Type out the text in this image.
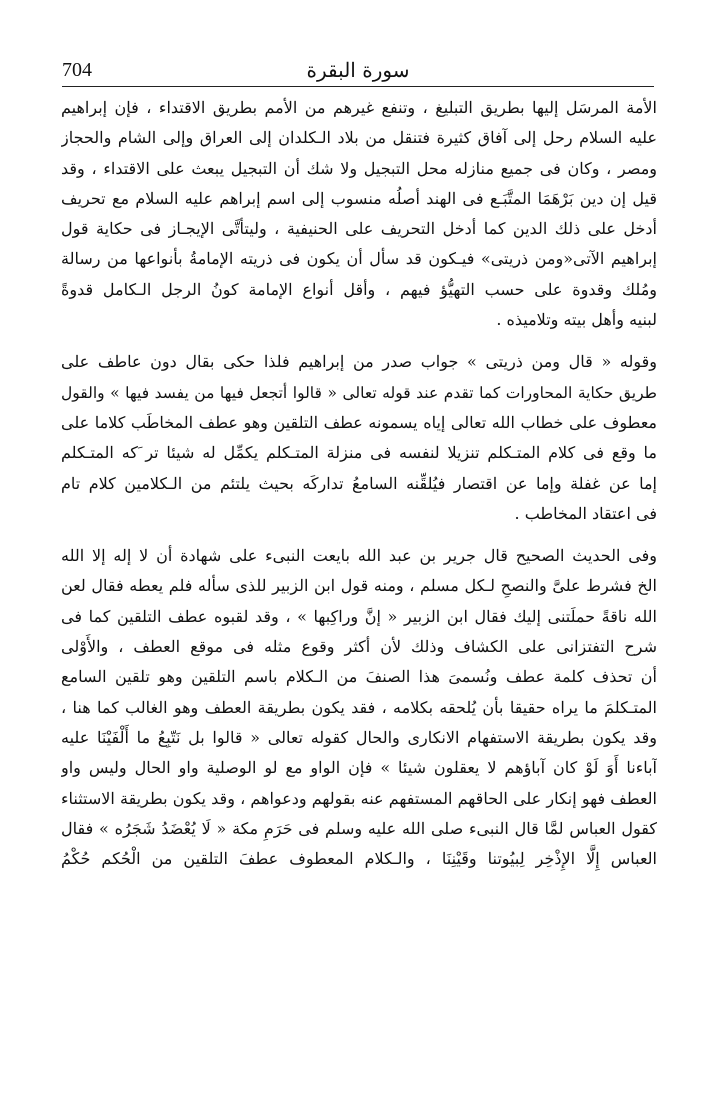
704	سورة البقرة
الأمة المرسَل إليها بطريق التبليغ ، وتنفع غيرهم من الأمم بطريق الاقتداء ، فإن إبراهيم
عليه السلام رحل إلى آفاق كثيرة فتنقل من بلاد الـكلدان إلى العراق وإلى الشام والحجاز
ومصر ، وكان فى جميع منازله محل التبجيل ولا شك أن التبجيل يبعث على الاقتداء ، وقد
قيل إن دين بَرْهَمَا المتَّبَـع فى الهند أصلُه منسوب إلى اسم إبراهم عليه السلام مع تحريف
أدخل على ذلك الدين كما أدخل التحريف على الحنيفية ، وليتأتَّى الإيجـاز فى حكاية قول
إبراهيم الآتى«ومن ذريتى» فيـكون قد سأل أن يكون فى ذريته الإمامةُ بأنواعها من رسالة
ومُلك وقدوة على حسب التهيُّؤ فيهم ، وأقل أنواع الإمامة كونُ الرجل الـكامل قدوةً
لبنيه وأهل بيته وتلاميذه .
وقوله « قال ومن ذريتى » جواب صدر من إبراهيم فلذا حكى بقال دون عاطف على
طريق حكاية المحاورات كما تقدم عند قوله تعالى « قالوا أتجعل فيها من يفسد فيها » والقول
معطوف على خطاب الله تعالى إياه يسمونه عطف التلقين وهو عطف المخاطَب كلاما على
ما وقع فى كلام المتـكلم تنزيلا لنفسه فى منزلة المتـكلم يكمِّل له شيئا تر َكه المتـكلم
إما عن غفلة وإما عن اقتصار فيُلقِّنه السامعُ تداركَه بحيث يلتئم من الـكلامين كلام تام
فى اعتقاد المخاطب .
وفى الحديث الصحيح قال جرير بن عبد الله بايعت النبىء على شهادة أن لا إله إلا الله
الخ فشرط علىَّ والنصحِ لـكل مسلم ، ومنه قول ابن الزبير للذى سأله فلم يعطه فقال لعن
الله ناقةً حملَتنى إليك فقال ابن الزبير « إنَّ وراكِبها » ، وقد لقبوه عطف التلقين كما فى
شرح التفتزانى على الكشاف وذلك لأن أكثر وقوع مثله فى موقع العطف ، والأَوْلى
أن تحذف كلمة عطف ونُسمىَ هذا الصنفَ من الـكلام باسم التلقين وهو تلقين السامع
المتـكلمَ ما يراه حقيقا بأن يُلحقه بكلامه ، فقد يكون بطريقة العطف وهو الغالب كما هنا ،
وقد يكون بطريقة الاستفهام الانكارى والحال كقوله تعالى « قالوا بل نَتّبِعُ ما أَلْفَيْنَا عليه
آباءنا أَوَ لَوْ كان آباؤهم لا يعقلون شيئا » فإن الواو مع لو الوصلية واو الحال وليس واو
العطف فهو إنكار على الحاقهم المستفهم عنه بقولهم ودعواهم ، وقد يكون بطريقة الاستثناء
كقول العباس لمَّا قال النبىء صلى الله عليه وسلم فى حَرَمِ مكة « لَا يُعْضَدُ شَجَرُه » فقال
العباس إِلَّا الإِذْخِر لِبيُوتنا وقَيْنِنَا ، والـكلام المعطوف عطفَ التلقين من الْحُكم حُكْمُ
